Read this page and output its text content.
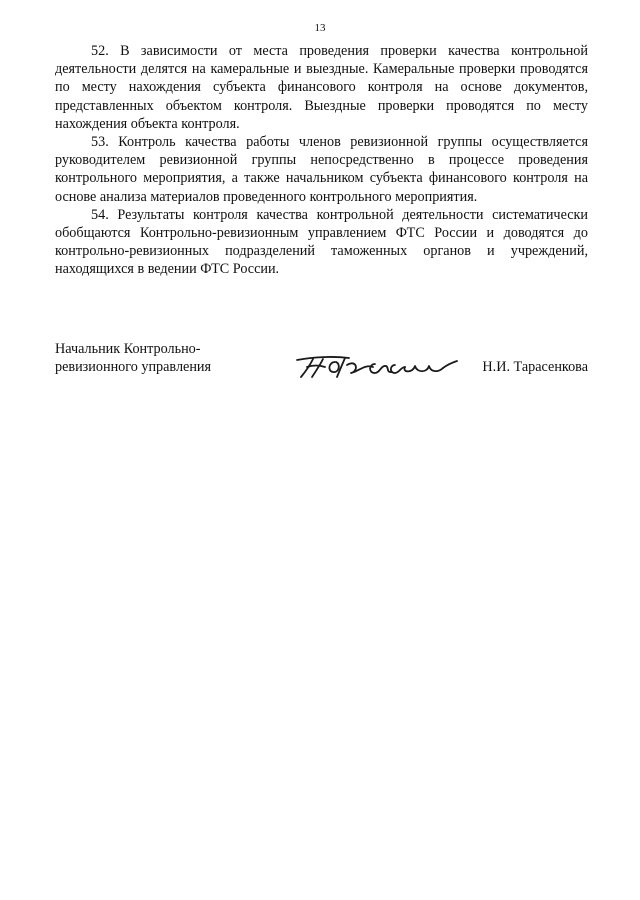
13

52. В зависимости от места проведения проверки качества контрольной деятельности делятся на камеральные и выездные. Камеральные проверки проводятся по месту нахождения субъекта финансового контроля на основе документов, представленных объектом контроля. Выездные проверки проводятся по месту нахождения объекта контроля.

53. Контроль качества работы членов ревизионной группы осуществляется руководителем ревизионной группы непосредственно в процессе проведения контрольного мероприятия, а также начальником субъекта финансового контроля на основе анализа материалов проведенного контрольного мероприятия.

54. Результаты контроля качества контрольной деятельности систематически обобщаются Контрольно-ревизионным управлением ФТС России и доводятся до контрольно-ревизионных подразделений таможенных органов и учреждений, находящихся в ведении ФТС России.

Начальник Контрольно-
ревизионного управления	Н.И. Тарасенкова
